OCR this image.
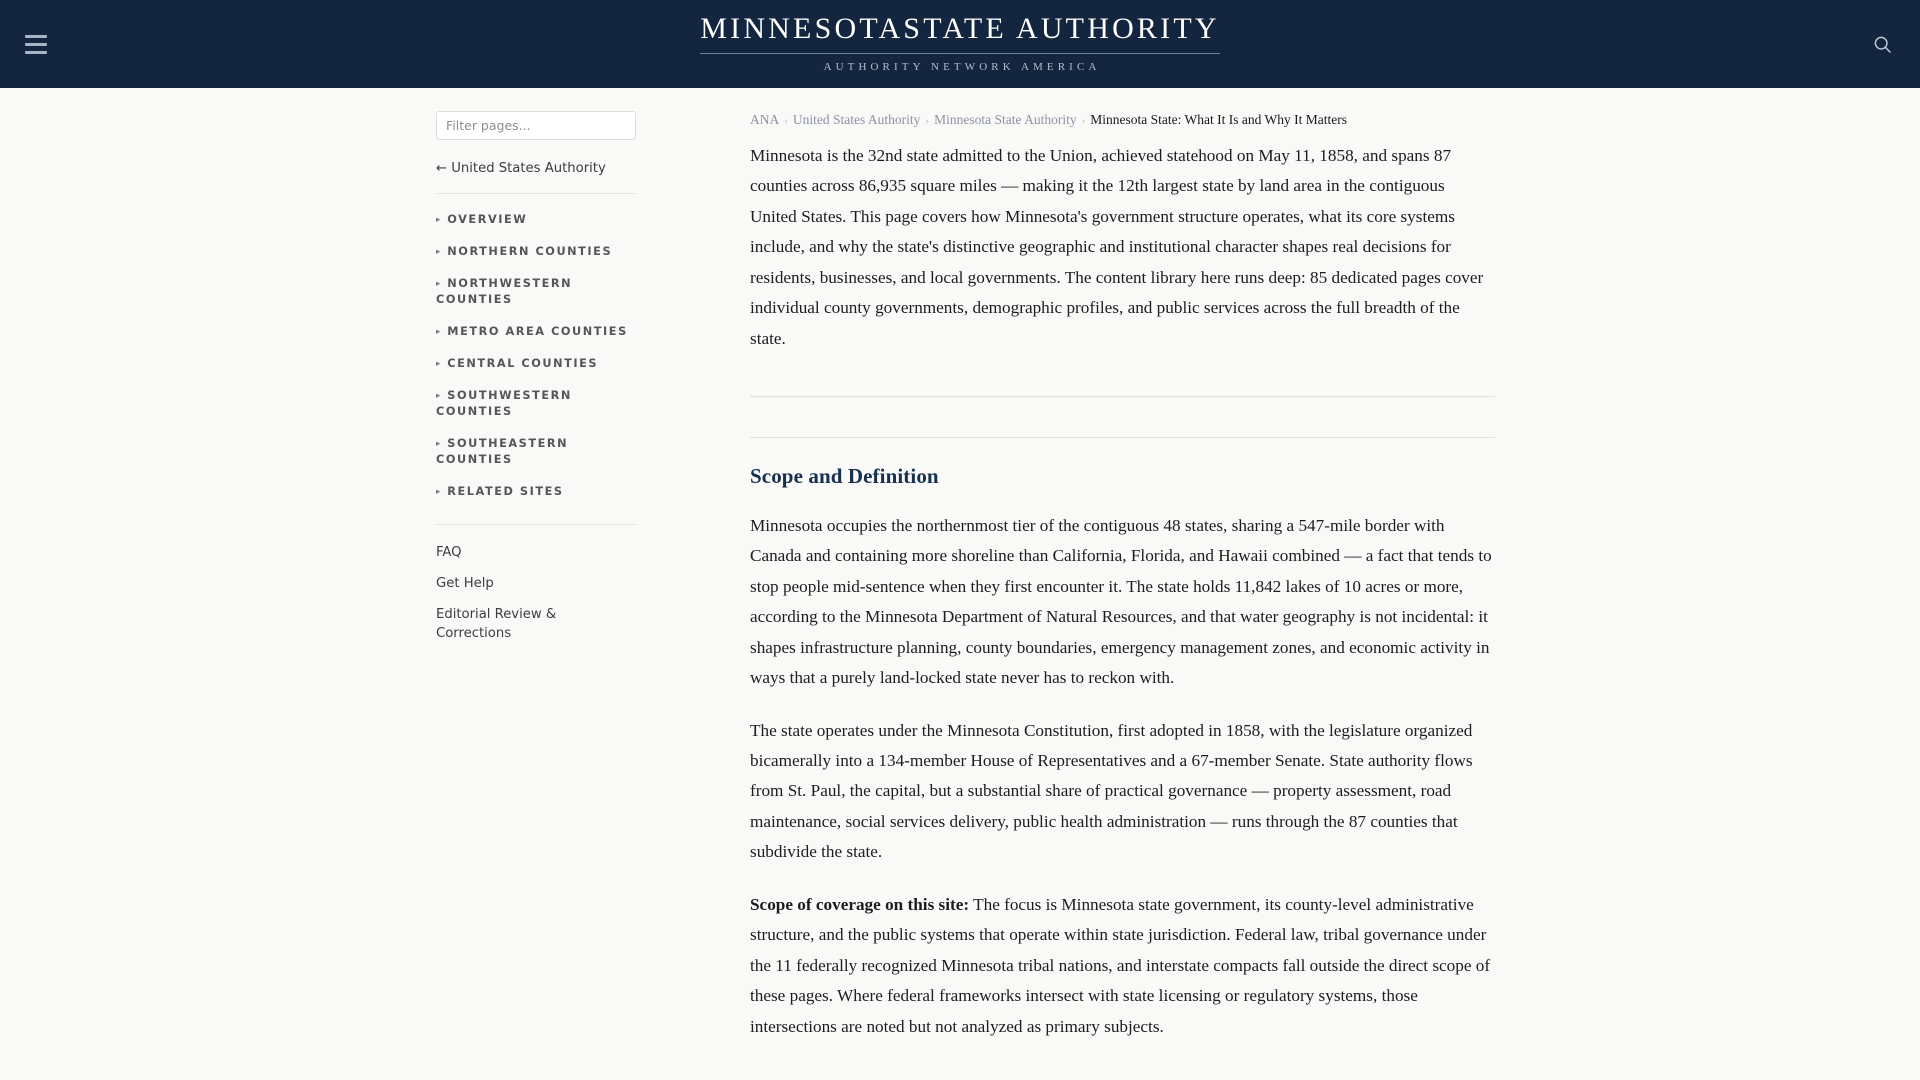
MINNESOTASTATE AUTHORITY
AUTHORITY NETWORK AMERICA
Filter pages...
← United States Authority
▸ OVERVIEW
▸ NORTHERN COUNTIES
▸ NORTHWESTERN COUNTIES
▸ METRO AREA COUNTIES
▸ CENTRAL COUNTIES
▸ SOUTHWESTERN COUNTIES
▸ SOUTHEASTERN COUNTIES
▸ RELATED SITES
FAQ
Get Help
Editorial Review & Corrections
ANA › United States Authority › Minnesota State Authority › Minnesota State: What It Is and Why It Matters

Minnesota is the 32nd state admitted to the Union, achieved statehood on May 11, 1858, and spans 87 counties across 86,935 square miles — making it the 12th largest state by land area in the contiguous United States. This page covers how Minnesota's government structure operates, what its core systems include, and why the state's distinctive geographic and institutional character shapes real decisions for residents, businesses, and local governments. The content library here runs deep: 85 dedicated pages cover individual county governments, demographic profiles, and public services across the full breadth of the state.

Scope and Definition

Minnesota occupies the northernmost tier of the contiguous 48 states, sharing a 547-mile border with Canada and containing more shoreline than California, Florida, and Hawaii combined — a fact that tends to stop people mid-sentence when they first encounter it. The state holds 11,842 lakes of 10 acres or more, according to the Minnesota Department of Natural Resources, and that water geography is not incidental: it shapes infrastructure planning, county boundaries, emergency management zones, and economic activity in ways that a purely land-locked state never has to reckon with.

The state operates under the Minnesota Constitution, first adopted in 1858, with the legislature organized bicamerally into a 134-member House of Representatives and a 67-member Senate. State authority flows from St. Paul, the capital, but a substantial share of practical governance — property assessment, road maintenance, social services delivery, public health administration — runs through the 87 counties that subdivide the state.

Scope of coverage on this site: The focus is Minnesota state government, its county-level administrative structure, and the public systems that operate within state jurisdiction. Federal law, tribal governance under the 11 federally recognized Minnesota tribal nations, and interstate compacts fall outside the direct scope of these pages. Where federal frameworks intersect with state licensing or regulatory systems, those intersections are noted but not analyzed as primary subjects.
